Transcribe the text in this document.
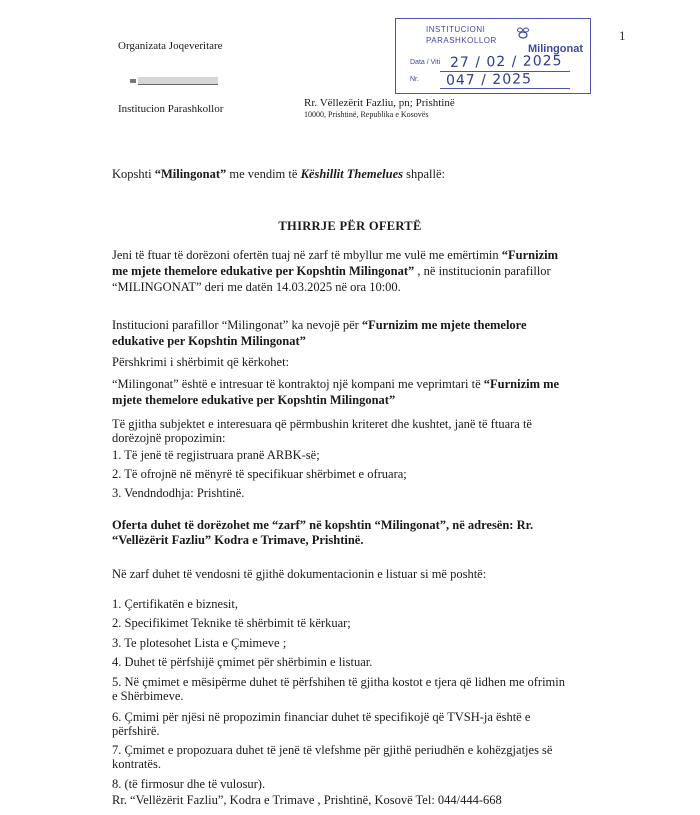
1
Organizata Joqeveritare
Institucion Parashkollor	Rr. Vëllezërit Fazliu, pn; Prishtinë
10000, Prishtinë, Republika e Kosovës
INSTITUCIONI
PARASHKOLLOR
Milingonat
Data / Viti 27 / 02 / 2025
Nr. 047 / 2025
Kopshti “Milingonat” me vendim të Këshillit Themelues shpallë:
THIRRJE PËR OFERTË
Jeni të ftuar të dorëzoni ofertën tuaj në zarf të mbyllur me vulë me emërtimin “Furnizim
me mjete themelore edukative per Kopshtin Milingonat” , në institucionin parafillor
“MILINGONAT” deri me datën 14.03.2025 në ora 10:00.
Institucioni parafillor “Milingonat” ka nevojë për “Furnizim me mjete themelore
edukative per Kopshtin Milingonat”
Përshkrimi i shërbimit që kërkohet:
“Milingonat” është e intresuar të kontraktoj një kompani me veprimtari të “Furnizim me
mjete themelore edukative per Kopshtin Milingonat”
Të gjitha subjektet e interesuara që përmbushin kriteret dhe kushtet, janë të ftuara të
dorëzojnë propozimin:
1. Të jenë të regjistruara pranë ARBK-së;
2. Të ofrojnë në mënyrë të specifikuar shërbimet e ofruara;
3. Vendndodhja: Prishtinë.
Oferta duhet të dorëzohet me “zarf” në kopshtin “Milingonat”, në adresën: Rr.
“Vellëzërit Fazliu” Kodra e Trimave, Prishtinë.
Në zarf duhet të vendosni të gjithë dokumentacionin e listuar si më poshtë:
1. Çertifikatën e biznesit,
2. Specifikimet Teknike të shërbimit të kërkuar;
3. Te plotesohet Lista e Çmimeve ;
4. Duhet të përfshijë çmimet për shërbimin e listuar.
5. Në çmimet e mësipërme duhet të përfshihen të gjitha kostot e tjera që lidhen me ofrimin
e Shërbimeve.
6. Çmimi për njësi në propozimin financiar duhet të specifikojë që TVSH-ja është e
përfshirë.
7. Çmimet e propozuara duhet të jenë të vlefshme për gjithë periudhën e kohëzgjatjes së
kontratës.
8. (të firmosur dhe të vulosur).
Rr. “Vellëzërit Fazliu”, Kodra e Trimave , Prishtinë, Kosovë Tel: 044/444-668
